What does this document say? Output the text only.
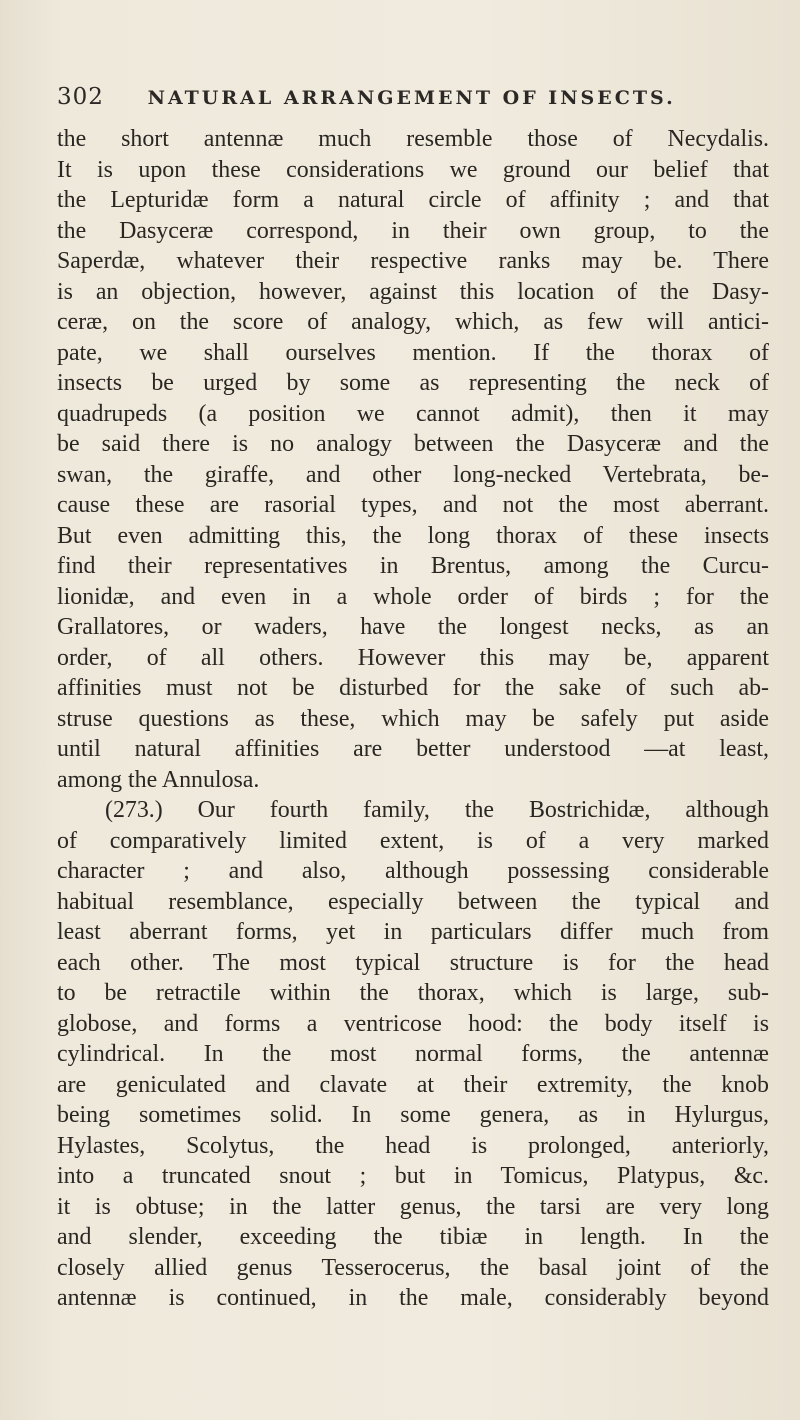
302 NATURAL ARRANGEMENT OF INSECTS.
the short antennæ much resemble those of Necydalis.
It is upon these considerations we ground our belief that
the Lepturidæ form a natural circle of affinity ; and that
the Dasyceræ correspond, in their own group, to the
Saperdæ, whatever their respective ranks may be. There
is an objection, however, against this location of the Dasy-
ceræ, on the score of analogy, which, as few will antici-
pate, we shall ourselves mention. If the thorax of
insects be urged by some as representing the neck of
quadrupeds (a position we cannot admit), then it may
be said there is no analogy between the Dasyceræ and the
swan, the giraffe, and other long-necked Vertebrata, be-
cause these are rasorial types, and not the most aberrant.
But even admitting this, the long thorax of these insects
find their representatives in Brentus, among the Curcu-
lionidæ, and even in a whole order of birds ; for the
Grallatores, or waders, have the longest necks, as an
order, of all others. However this may be, apparent
affinities must not be disturbed for the sake of such ab-
struse questions as these, which may be safely put aside
until natural affinities are better understood —at least,
among the Annulosa.
(273.) Our fourth family, the Bostrichidæ, although
of comparatively limited extent, is of a very marked
character ; and also, although possessing considerable
habitual resemblance, especially between the typical and
least aberrant forms, yet in particulars differ much from
each other. The most typical structure is for the head
to be retractile within the thorax, which is large, sub-
globose, and forms a ventricose hood: the body itself is
cylindrical. In the most normal forms, the antennæ
are geniculated and clavate at their extremity, the knob
being sometimes solid. In some genera, as in Hylurgus,
Hylastes, Scolytus, the head is prolonged, anteriorly,
into a truncated snout ; but in Tomicus, Platypus, &c.
it is obtuse; in the latter genus, the tarsi are very long
and slender, exceeding the tibiæ in length. In the
closely allied genus Tesserocerus, the basal joint of the
antennæ is continued, in the male, considerably beyond
